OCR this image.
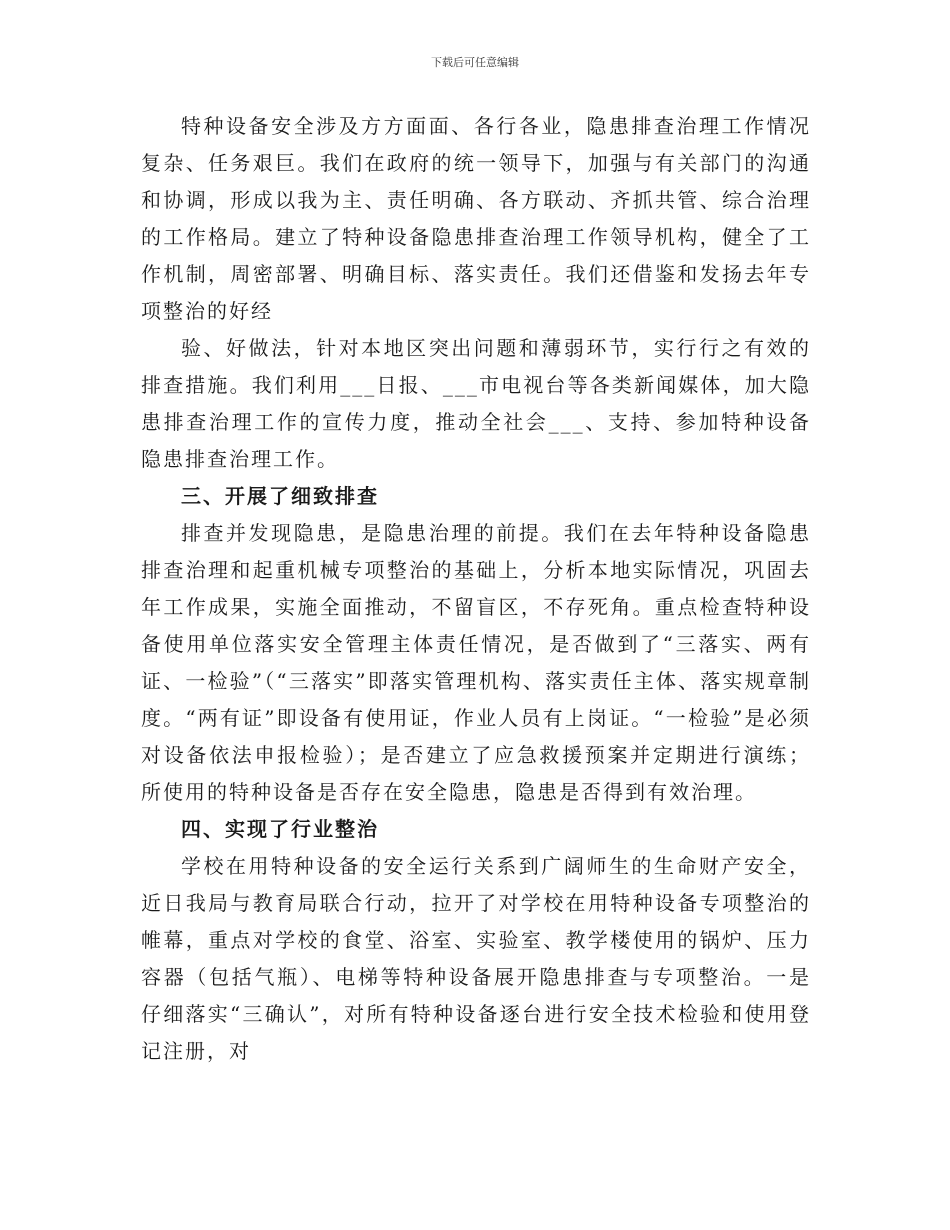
下载后可任意编辑

特种设备安全涉及方方面面、各行各业，隐患排查治理工作情况复杂、任务艰巨。我们在政府的统一领导下，加强与有关部门的沟通和协调，形成以我为主、责任明确、各方联动、齐抓共管、综合治理的工作格局。建立了特种设备隐患排查治理工作领导机构，健全了工作机制，周密部署、明确目标、落实责任。我们还借鉴和发扬去年专项整治的好经

验、好做法，针对本地区突出问题和薄弱环节，实行行之有效的排查措施。我们利用___日报、___市电视台等各类新闻媒体，加大隐患排查治理工作的宣传力度，推动全社会___、支持、参加特种设备隐患排查治理工作。

三、开展了细致排查

排查并发现隐患，是隐患治理的前提。我们在去年特种设备隐患排查治理和起重机械专项整治的基础上，分析本地实际情况，巩固去年工作成果，实施全面推动，不留盲区，不存死角。重点检查特种设备使用单位落实安全管理主体责任情况，是否做到了“三落实、两有证、一检验”（“三落实”即落实管理机构、落实责任主体、落实规章制度。“两有证”即设备有使用证，作业人员有上岗证。“一检验”是必须对设备依法申报检验）；是否建立了应急救援预案并定期进行演练；所使用的特种设备是否存在安全隐患，隐患是否得到有效治理。

四、实现了行业整治

学校在用特种设备的安全运行关系到广阔师生的生命财产安全，近日我局与教育局联合行动，拉开了对学校在用特种设备专项整治的帷幕，重点对学校的食堂、浴室、实验室、教学楼使用的锅炉、压力容器（包括气瓶）、电梯等特种设备展开隐患排查与专项整治。一是仔细落实“三确认”，对所有特种设备逐台进行安全技术检验和使用登记注册，对
